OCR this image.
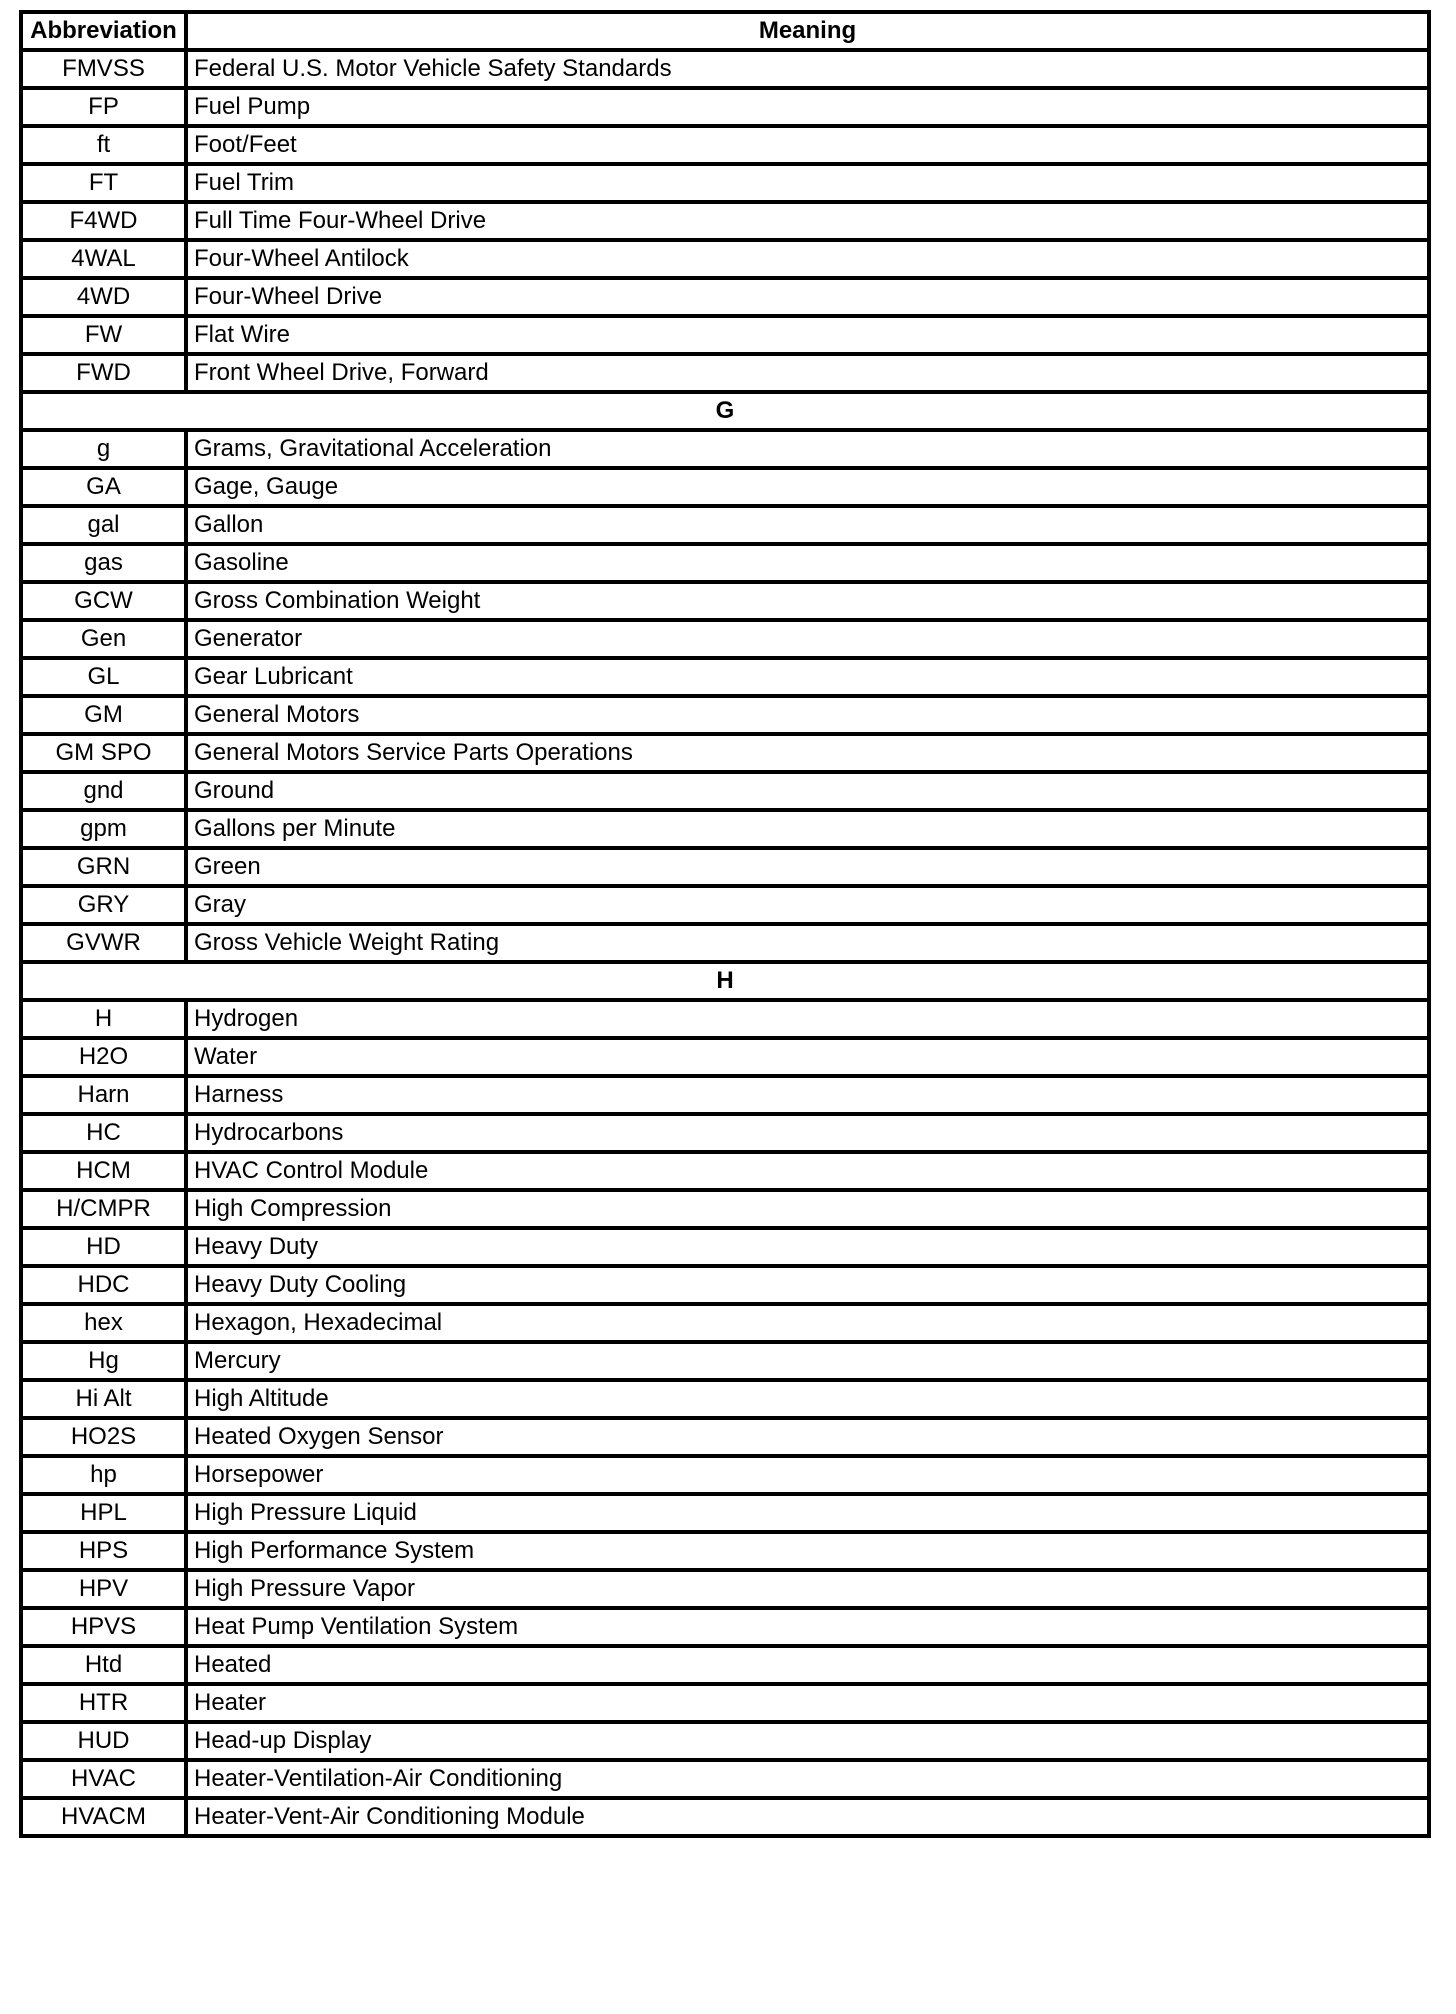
Abbreviation	Meaning
FMVSS	Federal U.S. Motor Vehicle Safety Standards
FP	Fuel Pump
ft	Foot/Feet
FT	Fuel Trim
F4WD	Full Time Four-Wheel Drive
4WAL	Four-Wheel Antilock
4WD	Four-Wheel Drive
FW	Flat Wire
FWD	Front Wheel Drive, Forward
G	
g	Grams, Gravitational Acceleration
GA	Gage, Gauge
gal	Gallon
gas	Gasoline
GCW	Gross Combination Weight
Gen	Generator
GL	Gear Lubricant
GM	General Motors
GM SPO	General Motors Service Parts Operations
gnd	Ground
gpm	Gallons per Minute
GRN	Green
GRY	Gray
GVWR	Gross Vehicle Weight Rating
H	
H	Hydrogen
H2O	Water
Harn	Harness
HC	Hydrocarbons
HCM	HVAC Control Module
H/CMPR	High Compression
HD	Heavy Duty
HDC	Heavy Duty Cooling
hex	Hexagon, Hexadecimal
Hg	Mercury
Hi Alt	High Altitude
HO2S	Heated Oxygen Sensor
hp	Horsepower
HPL	High Pressure Liquid
HPS	High Performance System
HPV	High Pressure Vapor
HPVS	Heat Pump Ventilation System
Htd	Heated
HTR	Heater
HUD	Head-up Display
HVAC	Heater-Ventilation-Air Conditioning
HVACM	Heater-Vent-Air Conditioning Module
